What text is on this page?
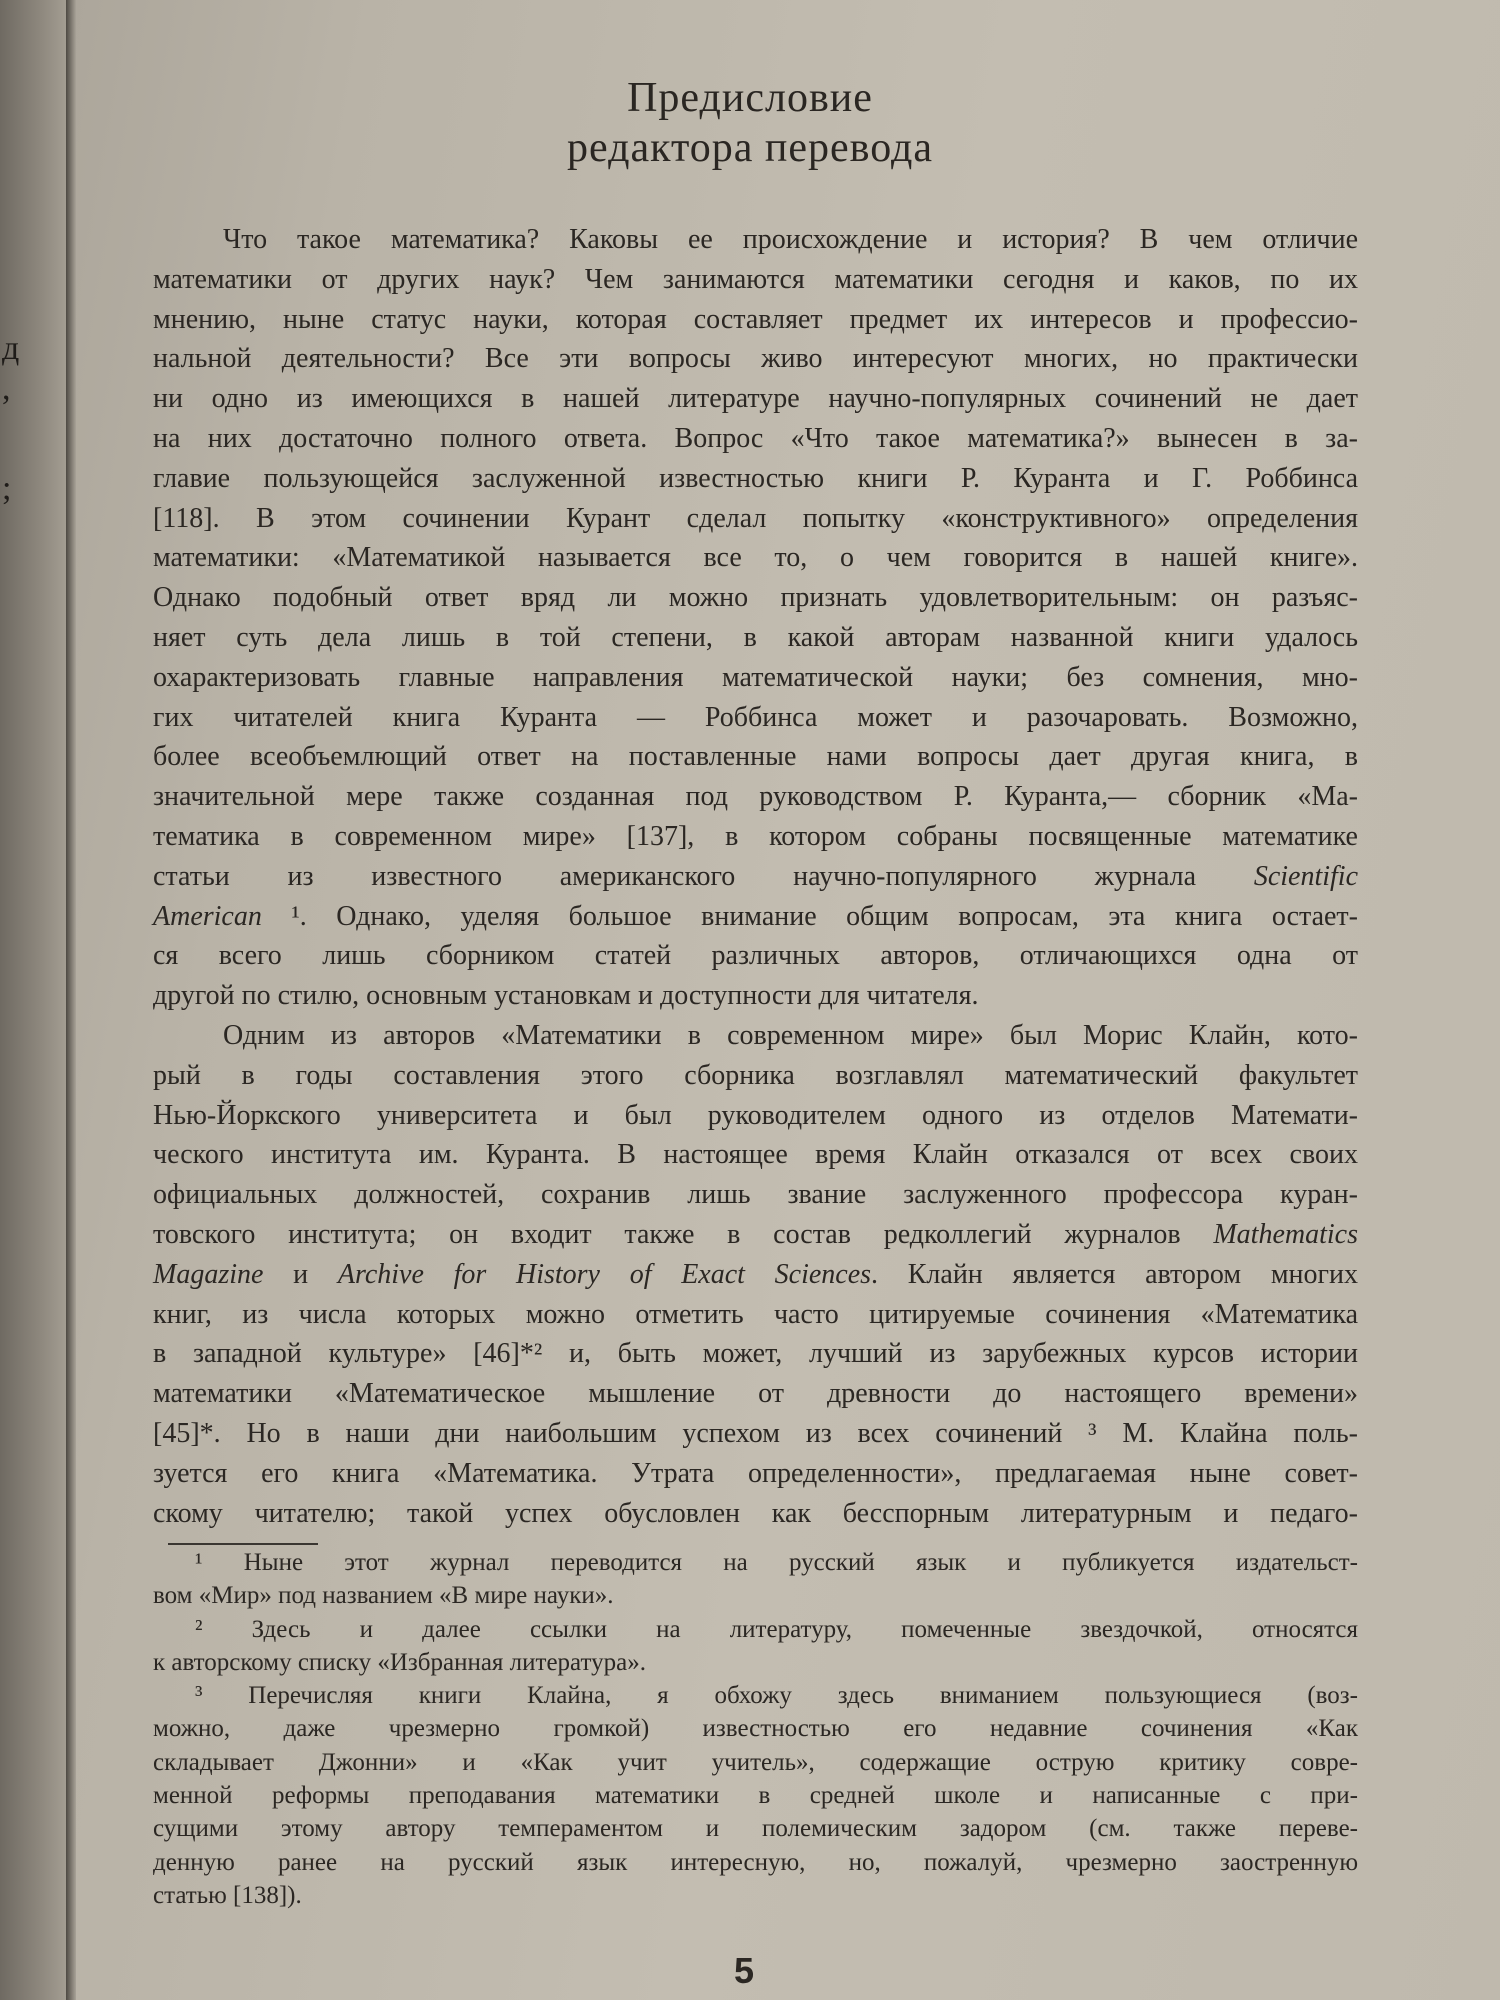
д
,
;
Предисловие
редактора перевода
Что такое математика? Каковы ее происхождение и история? В чем отличие
математики от других наук? Чем занимаются математики сегодня и каков, по их
мнению, ныне статус науки, которая составляет предмет их интересов и профессио-
нальной деятельности? Все эти вопросы живо интересуют многих, но практически
ни одно из имеющихся в нашей литературе научно-популярных сочинений не дает
на них достаточно полного ответа. Вопрос «Что такое математика?» вынесен в за-
главие пользующейся заслуженной известностью книги Р. Куранта и Г. Роббинса
[118]. В этом сочинении Курант сделал попытку «конструктивного» определения
математики: «Математикой называется все то, о чем говорится в нашей книге».
Однако подобный ответ вряд ли можно признать удовлетворительным: он разъяс-
няет суть дела лишь в той степени, в какой авторам названной книги удалось
охарактеризовать главные направления математической науки; без сомнения, мно-
гих читателей книга Куранта — Роббинса может и разочаровать. Возможно,
более всеобъемлющий ответ на поставленные нами вопросы дает другая книга, в
значительной мере также созданная под руководством Р. Куранта,— сборник «Ма-
тематика в современном мире» [137], в котором собраны посвященные математике
статьи из известного американского научно-популярного журнала Scientific
American ¹. Однако, уделяя большое внимание общим вопросам, эта книга остает-
ся всего лишь сборником статей различных авторов, отличающихся одна от
другой по стилю, основным установкам и доступности для читателя.
Одним из авторов «Математики в современном мире» был Морис Клайн, кото-
рый в годы составления этого сборника возглавлял математический факультет
Нью-Йоркского университета и был руководителем одного из отделов Математи-
ческого института им. Куранта. В настоящее время Клайн отказался от всех своих
официальных должностей, сохранив лишь звание заслуженного профессора куран-
товского института; он входит также в состав редколлегий журналов Mathematics
Magazine и Archive for History of Exact Sciences. Клайн является автором многих
книг, из числа которых можно отметить часто цитируемые сочинения «Математика
в западной культуре» [46]*² и, быть может, лучший из зарубежных курсов истории
математики «Математическое мышление от древности до настоящего времени»
[45]*. Но в наши дни наибольшим успехом из всех сочинений ³ М. Клайна поль-
зуется его книга «Математика. Утрата определенности», предлагаемая ныне совет-
скому читателю; такой успех обусловлен как бесспорным литературным и педаго-
¹ Ныне этот журнал переводится на русский язык и публикуется издательст-
вом «Мир» под названием «В мире науки».
² Здесь и далее ссылки на литературу, помеченные звездочкой, относятся
к авторскому списку «Избранная литература».
³ Перечисляя книги Клайна, я обхожу здесь вниманием пользующиеся (воз-
можно, даже чрезмерно громкой) известностью его недавние сочинения «Как
складывает Джонни» и «Как учит учитель», содержащие острую критику совре-
менной реформы преподавания математики в средней школе и написанные с при-
сущими этому автору темпераментом и полемическим задором (см. также переве-
денную ранее на русский язык интересную, но, пожалуй, чрезмерно заостренную
статью [138]).
5
